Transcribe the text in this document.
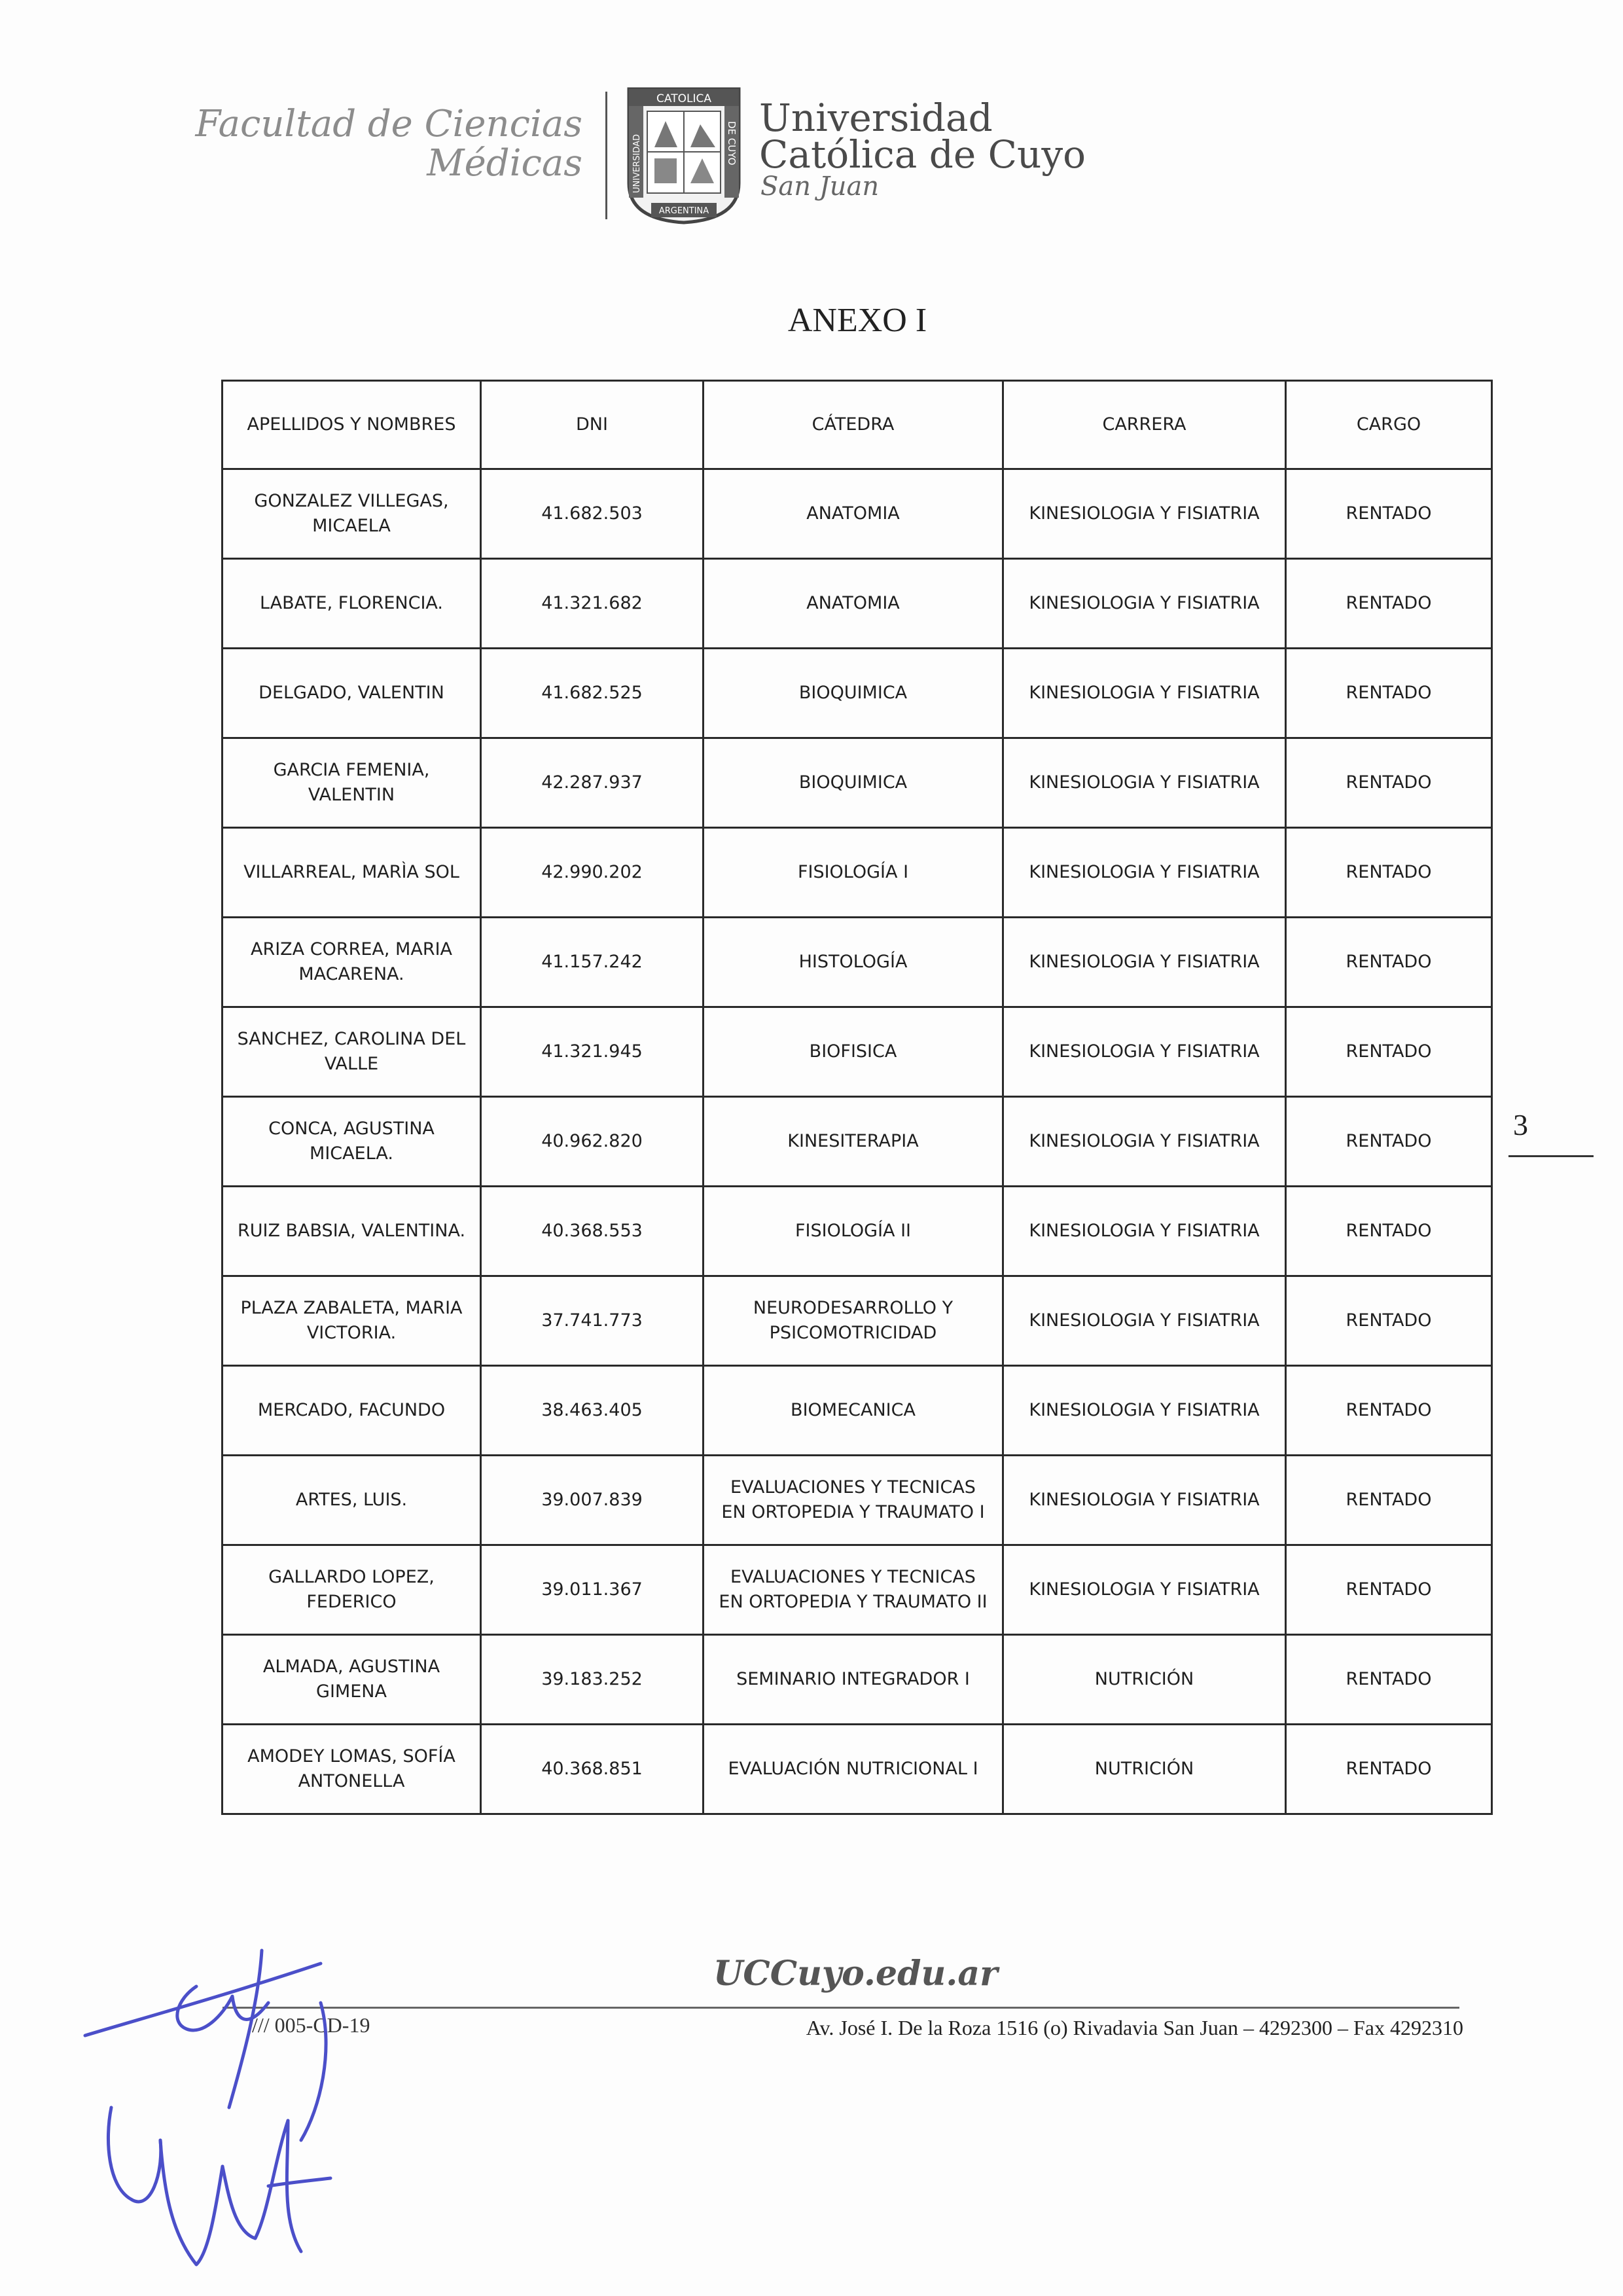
Facultad de Ciencias
Médicas
CATOLICA
UNIVERSIDAD	DE CUYO
ARGENTINA
Universidad
Católica de Cuyo
San Juan
ANEXO I
APELLIDOS Y NOMBRES	DNI	CÁTEDRA	CARRERA	CARGO
GONZALEZ VILLEGAS, MICAELA	41.682.503	ANATOMIA	KINESIOLOGIA Y FISIATRIA	RENTADO
LABATE, FLORENCIA.	41.321.682	ANATOMIA	KINESIOLOGIA Y FISIATRIA	RENTADO
DELGADO, VALENTIN	41.682.525	BIOQUIMICA	KINESIOLOGIA Y FISIATRIA	RENTADO
GARCIA FEMENIA, VALENTIN	42.287.937	BIOQUIMICA	KINESIOLOGIA Y FISIATRIA	RENTADO
VILLARREAL, MARÌA SOL	42.990.202	FISIOLOGÍA I	KINESIOLOGIA Y FISIATRIA	RENTADO
ARIZA CORREA, MARIA MACARENA.	41.157.242	HISTOLOGÍA	KINESIOLOGIA Y FISIATRIA	RENTADO
SANCHEZ, CAROLINA DEL VALLE	41.321.945	BIOFISICA	KINESIOLOGIA Y FISIATRIA	RENTADO
CONCA, AGUSTINA MICAELA.	40.962.820	KINESITERAPIA	KINESIOLOGIA Y FISIATRIA	RENTADO
RUIZ BABSIA, VALENTINA.	40.368.553	FISIOLOGÍA II	KINESIOLOGIA Y FISIATRIA	RENTADO
PLAZA ZABALETA, MARIA VICTORIA.	37.741.773	NEURODESARROLLO Y PSICOMOTRICIDAD	KINESIOLOGIA Y FISIATRIA	RENTADO
MERCADO, FACUNDO	38.463.405	BIOMECANICA	KINESIOLOGIA Y FISIATRIA	RENTADO
ARTES, LUIS.	39.007.839	EVALUACIONES Y TECNICAS EN ORTOPEDIA Y TRAUMATO I	KINESIOLOGIA Y FISIATRIA	RENTADO
GALLARDO LOPEZ, FEDERICO	39.011.367	EVALUACIONES Y TECNICAS EN ORTOPEDIA Y TRAUMATO II	KINESIOLOGIA Y FISIATRIA	RENTADO
ALMADA, AGUSTINA GIMENA	39.183.252	SEMINARIO INTEGRADOR I	NUTRICIÓN	RENTADO
AMODEY LOMAS, SOFÍA ANTONELLA	40.368.851	EVALUACIÓN NUTRICIONAL I	NUTRICIÓN	RENTADO
3
UCCuyo.edu.ar
/// 005-CD-19	Av. José I. De la Roza 1516 (o) Rivadavia San Juan – 4292300 – Fax 4292310
